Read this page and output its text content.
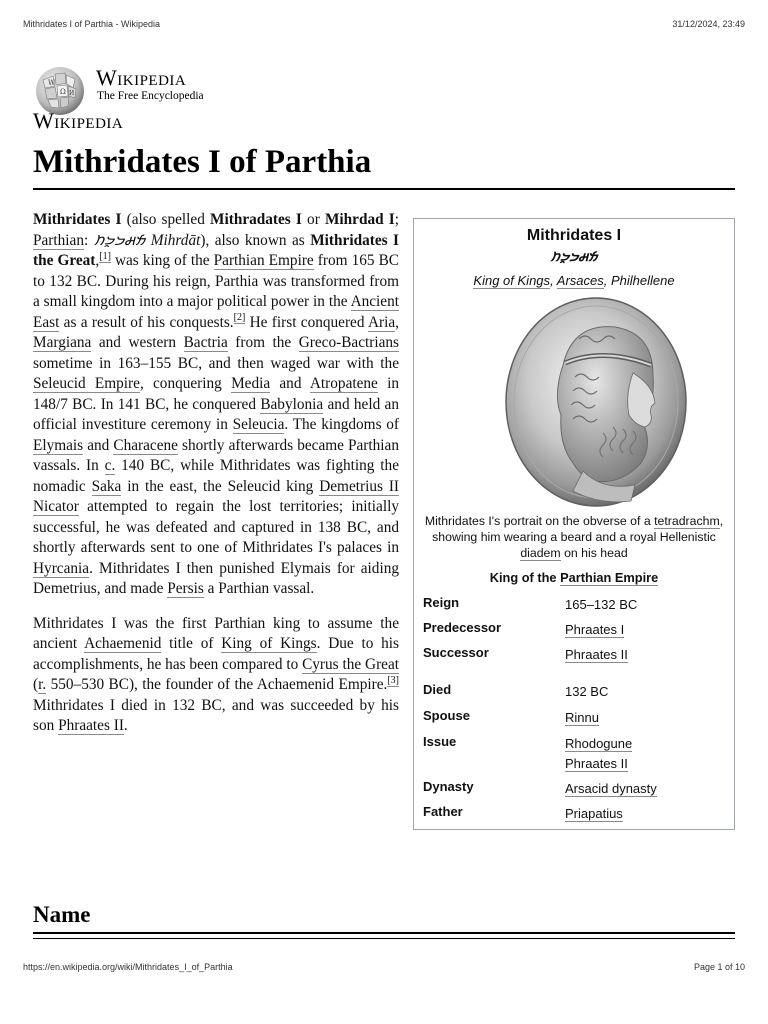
Mithridates I of Parthia - Wikipedia	31/12/2024, 23:49
W
Ω И
Wikipedia
The Free Encyclopedia
Wikipedia
Mithridates I of Parthia

Mithridates I (also spelled Mithradates I or Mihrdad I; Parthian: 𐭌𐭄𐭓𐭃𐭕 Mihrdāt), also known as Mithridates I the Great,[1] was king of the Parthian Empire from 165 BC to 132 BC. During his reign, Parthia was transformed from a small kingdom into a major political power in the Ancient East as a result of his conquests.[2] He first conquered Aria, Margiana and western Bactria from the Greco-Bactrians sometime in 163–155 BC, and then waged war with the Seleucid Empire, conquering Media and Atropatene in 148/7 BC. In 141 BC, he conquered Babylonia and held an official investiture ceremony in Seleucia. The kingdoms of Elymais and Characene shortly afterwards became Parthian vassals. In c. 140 BC, while Mithridates was fighting the nomadic Saka in the east, the Seleucid king Demetrius II Nicator attempted to regain the lost territories; initially successful, he was defeated and captured in 138 BC, and shortly afterwards sent to one of Mithridates I's palaces in Hyrcania. Mithridates I then punished Elymais for aiding Demetrius, and made Persis a Parthian vassal.

Mithridates I was the first Parthian king to assume the ancient Achaemenid title of King of Kings. Due to his accomplishments, he has been compared to Cyrus the Great (r. 550–530 BC), the founder of the Achaemenid Empire.[3] Mithridates I died in 132 BC, and was succeeded by his son Phraates II.

Mithridates I
𐭌𐭄𐭓𐭃𐭕
King of Kings, Arsaces, Philhellene
Mithridates I's portrait on the obverse of a tetradrachm, showing him wearing a beard and a royal Hellenistic diadem on his head
King of the Parthian Empire
Reign	165–132 BC
Predecessor	Phraates I
Successor	Phraates II
Died	132 BC
Spouse	Rinnu
Issue	Rhodogune
Phraates II
Dynasty	Arsacid dynasty
Father	Priapatius
Name
https://en.wikipedia.org/wiki/Mithridates_I_of_Parthia	Page 1 of 10
